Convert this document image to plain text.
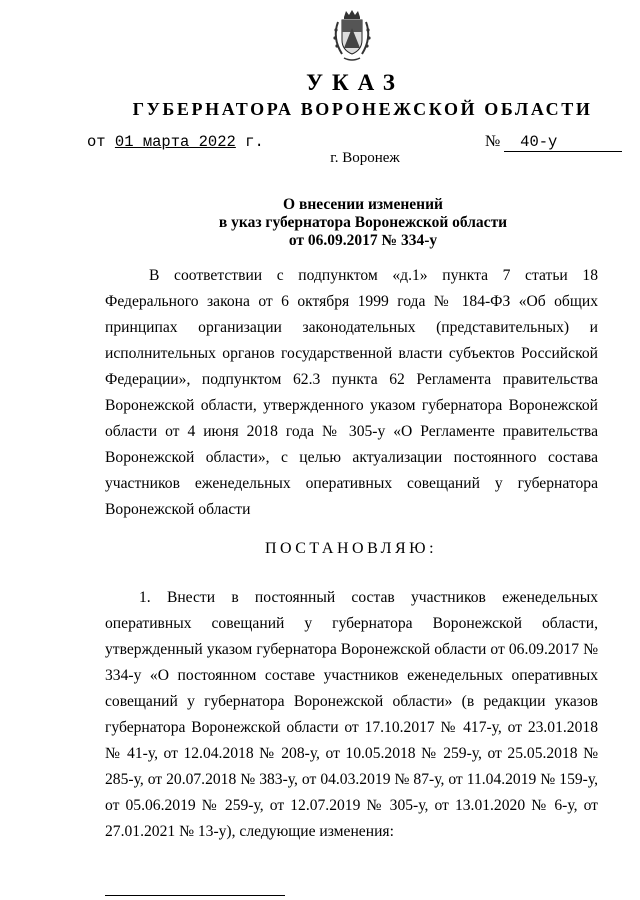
УКАЗ
ГУБЕРНАТОРА ВОРОНЕЖСКОЙ ОБЛАСТИ
от 01 марта 2022 г.	№ 40-у
г. Воронеж
О внесении изменений
в указ губернатора Воронежской области
от 06.09.2017 № 334-у
В соответствии с подпунктом «д.1» пункта 7 статьи 18 Федерального закона от 6 октября 1999 года № 184-ФЗ «Об общих принципах организации законодательных (представительных) и исполнительных органов государственной власти субъектов Российской Федерации», подпунктом 62.3 пункта 62 Регламента правительства Воронежской области, утвержденного указом губернатора Воронежской области от 4 июня 2018 года № 305-у «О Регламенте правительства Воронежской области», с целью актуализации постоянного состава участников еженедельных оперативных совещаний у губернатора Воронежской области
ПОСТАНОВЛЯЮ:
1. Внести в постоянный состав участников еженедельных оперативных совещаний у губернатора Воронежской области, утвержденный указом губернатора Воронежской области от 06.09.2017 № 334-у «О постоянном составе участников еженедельных оперативных совещаний у губернатора Воронежской области» (в редакции указов губернатора Воронежской области от 17.10.2017 № 417-у, от 23.01.2018 № 41-у, от 12.04.2018 № 208-у, от 10.05.2018 № 259-у, от 25.05.2018 № 285-у, от 20.07.2018 № 383-у, от 04.03.2019 № 87-у, от 11.04.2019 № 159-у, от 05.06.2019 № 259-у, от 12.07.2019 № 305-у, от 13.01.2020 № 6-у, от 27.01.2021 № 13-у), следующие изменения:
